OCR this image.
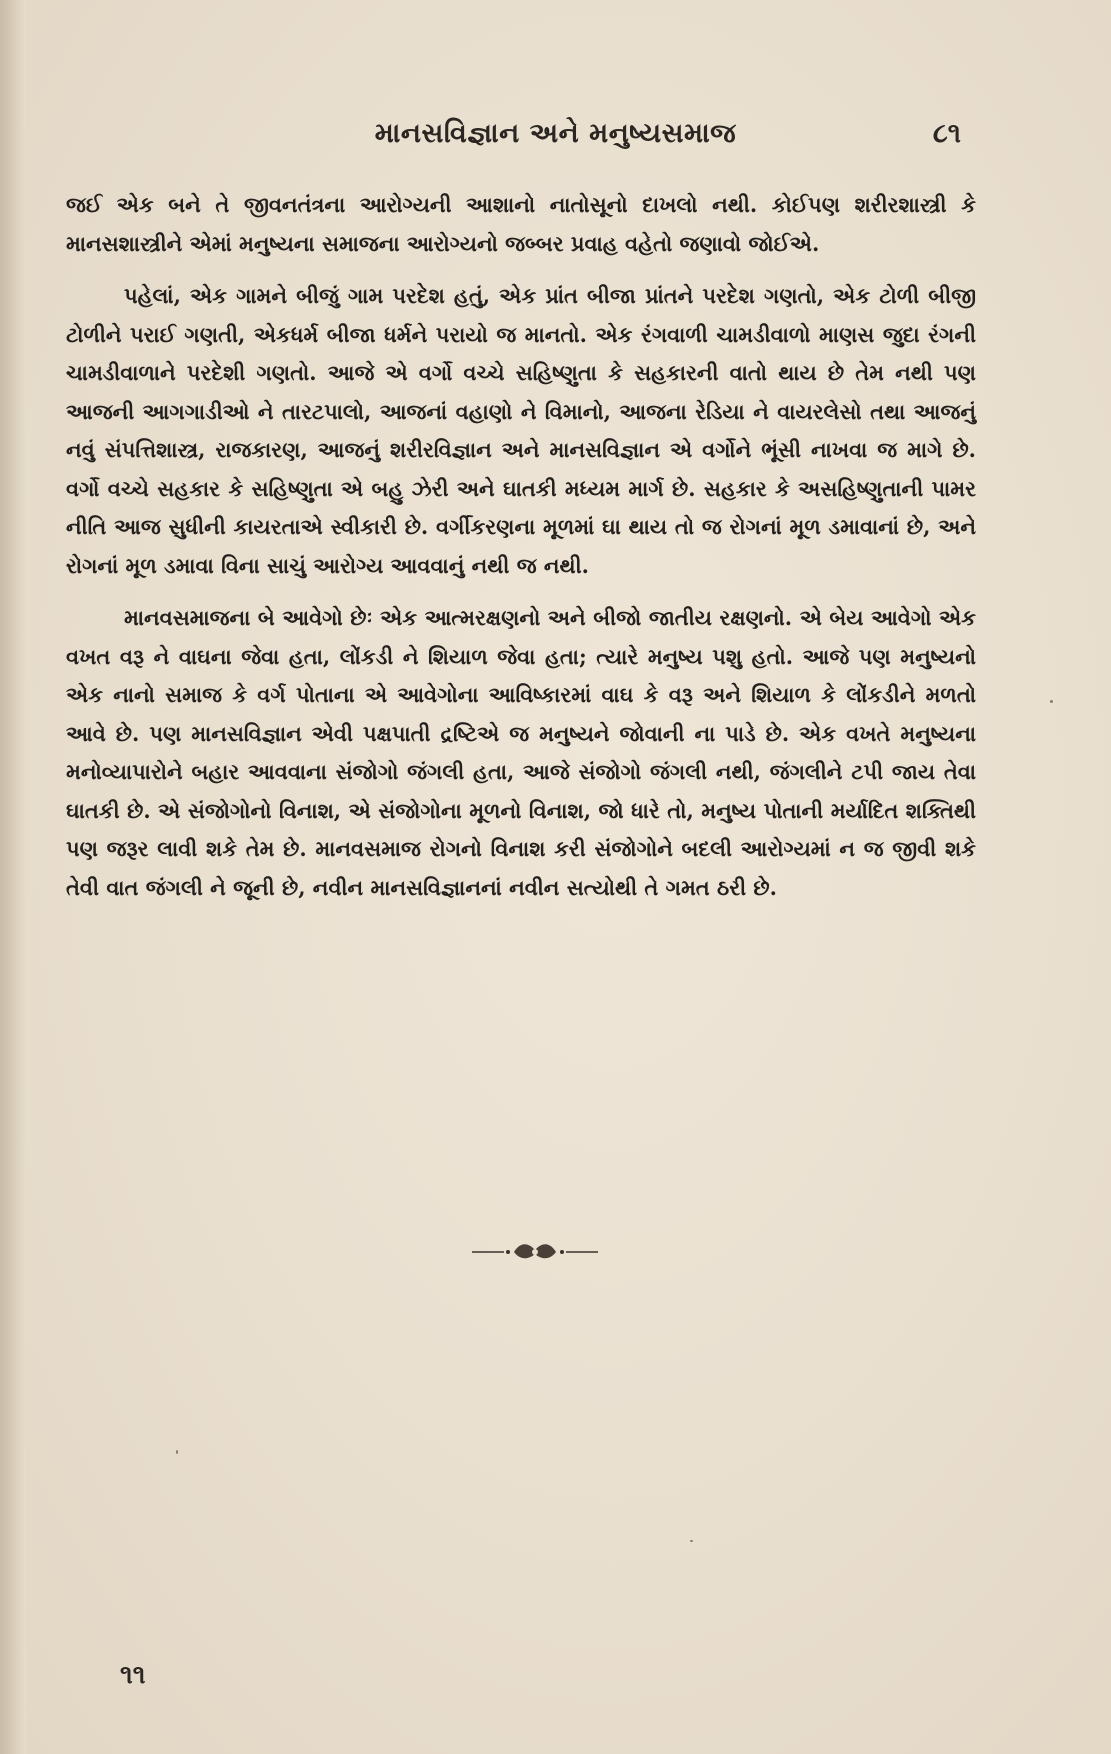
માનસવિજ્ઞાન અને મનુષ્યસમાજ	૮૧

જઈ એક બને તે જીવનતંત્રના આરોગ્યની આશાનો નાતોસૂનો દાખલો નથી. કોઈપણ શરીરશાસ્ત્રી કે માનસશાસ્ત્રીને એમાં મનુષ્યના સમાજના આરોગ્યનો જબ્બર પ્રવાહ વહેતો જણાવો જોઈએ.

પહેલાં, એક ગામને બીજું ગામ પરદેશ હતું, એક પ્રાંત બીજા પ્રાંતને પરદેશ ગણતો, એક ટોળી બીજી ટોળીને પરાઈ ગણતી, એકધર્મ બીજા ધર્મને પરાયો જ માનતો. એક રંગવાળી ચામડીવાળો માણસ જુદા રંગની ચામડીવાળાને પરદેશી ગણતો. આજે એ વર્ગો વચ્ચે સહિષ્ણુતા કે સહકારની વાતો થાય છે તેમ નથી પણ આજની આગગાડીઓ ને તારટપાલો, આજનાં વહાણો ને વિમાનો, આજના રેડિયા ને વાયરલેસો તથા આજનું નવું સંપત્તિશાસ્ત્ર, રાજકારણ, આજનું શરીરવિજ્ઞાન અને માનસવિજ્ઞાન એ વર્ગોને ભૂંસી નાખવા જ માગે છે. વર્ગો વચ્ચે સહકાર કે સહિષ્ણુતા એ બહુ ઝેરી અને ઘાતકી મધ્યમ માર્ગ છે. સહકાર કે અસહિષ્ણુતાની પામર નીતિ આજ સુધીની કાયરતાએ સ્વીકારી છે. વર્ગીકરણના મૂળમાં ઘા થાય તો જ રોગનાં મૂળ ડમાવાનાં છે, અને રોગનાં મૂળ ડમાવા વિના સાચું આરોગ્ય આવવાનું નથી જ નથી.

માનવસમાજના બે આવેગો છેઃ એક આત્મરક્ષણનો અને બીજો જાતીય રક્ષણનો. એ બેય આવેગો એક વખત વરૂ ને વાઘના જેવા હતા, લોંકડી ને શિયાળ જેવા હતા; ત્યારે મનુષ્ય પશુ હતો. આજે પણ મનુષ્યનો એક નાનો સમાજ કે વર્ગ પોતાના એ આવેગોના આવિષ્કારમાં વાઘ કે વરૂ અને શિયાળ કે લોંકડીને મળતો આવે છે. પણ માનસવિજ્ઞાન એવી પક્ષપાતી દ્રષ્ટિએ જ મનુષ્યને જોવાની ના પાડે છે. એક વખતે મનુષ્યના મનોવ્યાપારોને બહાર આવવાના સંજોગો જંગલી હતા, આજે સંજોગો જંગલી નથી, જંગલીને ટપી જાય તેવા ઘાતકી છે. એ સંજોગોનો વિનાશ, એ સંજોગોના મૂળનો વિનાશ, જો ધારે તો, મનુષ્ય પોતાની મર્યાદિત શક્તિથી પણ જરૂર લાવી શકે તેમ છે. માનવસમાજ રોગનો વિનાશ કરી સંજોગોને બદલી આરોગ્યમાં ન જ જીવી શકે તેવી વાત જંગલી ને જૂની છે, નવીન માનસવિજ્ઞાનનાં નવીન સત્યોથી તે ગમત ઠરી છે.

૧૧
